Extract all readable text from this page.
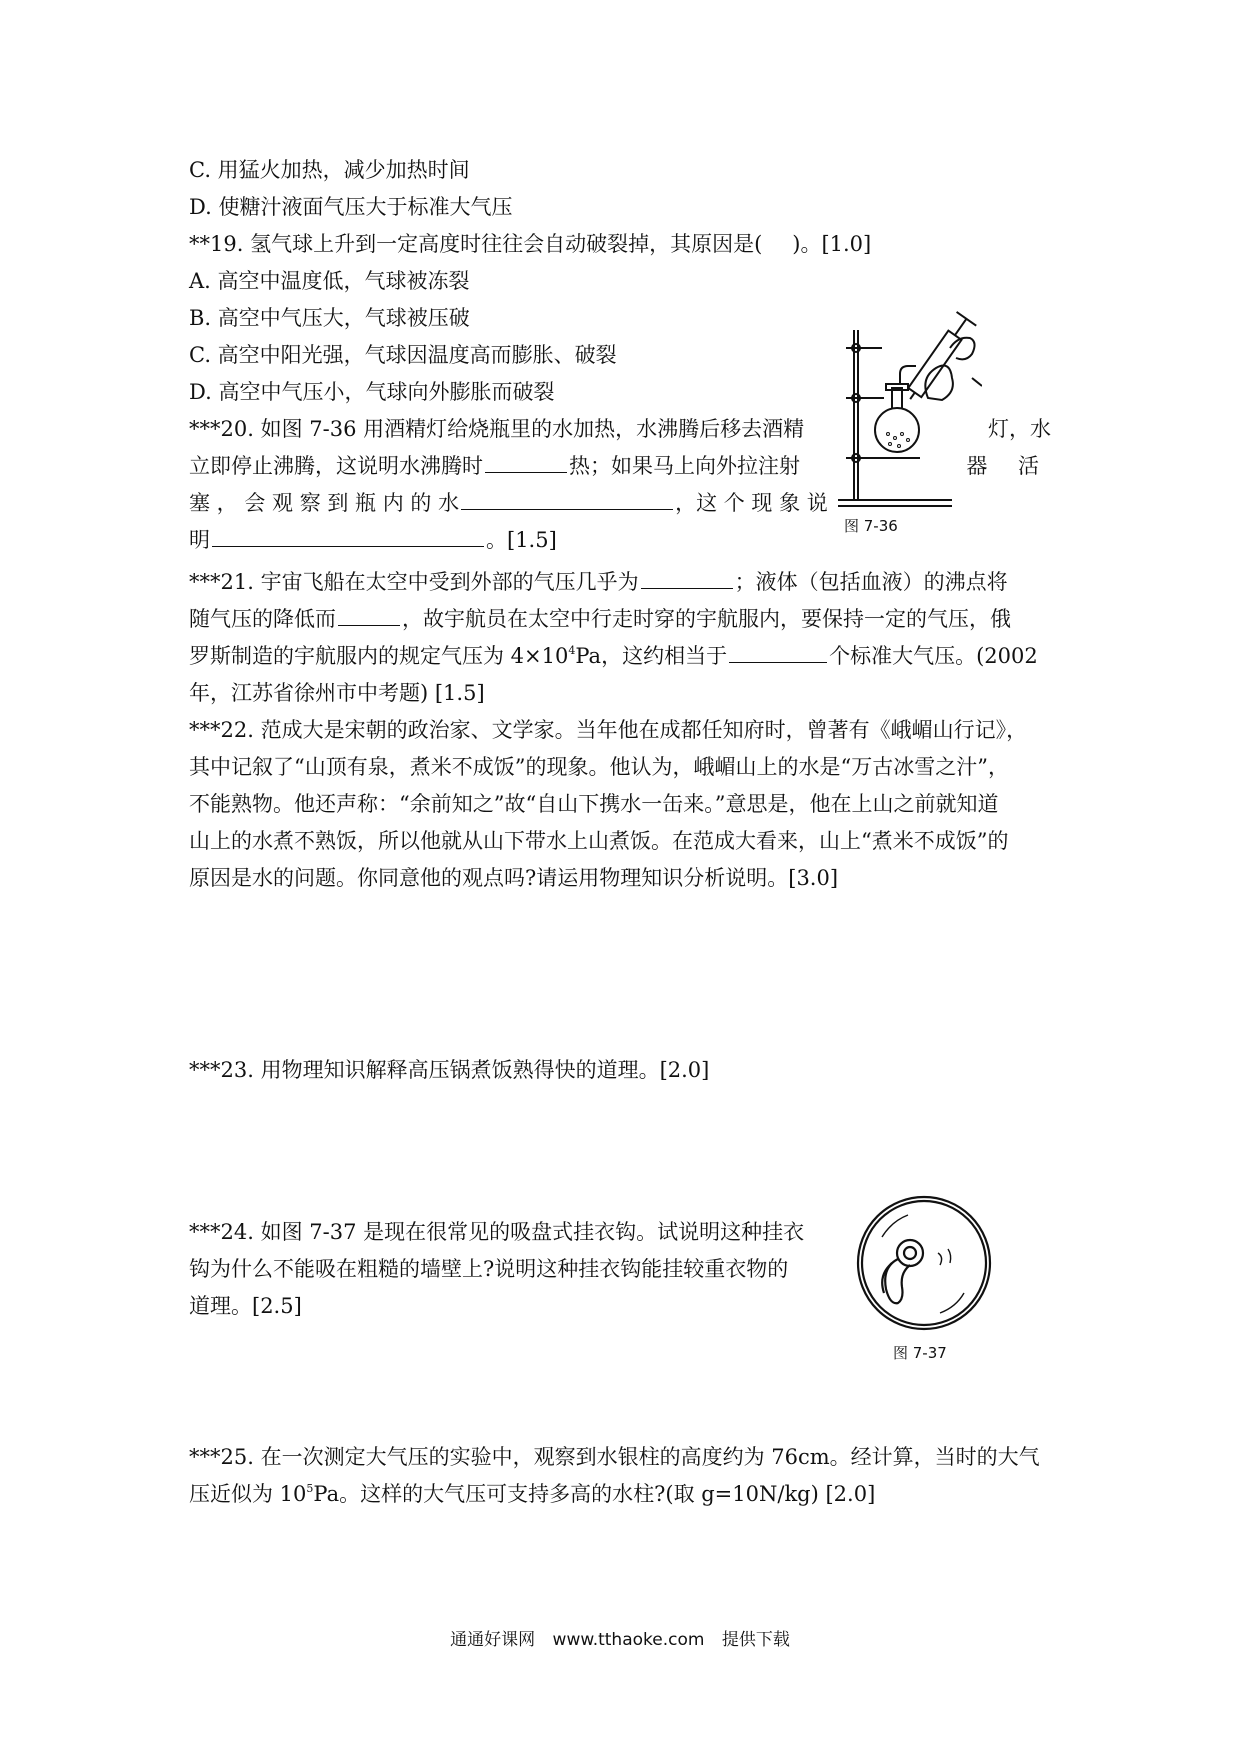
C. 用猛火加热，减少加热时间
D. 使糖汁液面气压大于标准大气压
**19. 氢气球上升到一定高度时往往会自动破裂掉，其原因是( )。[1.0]
A. 高空中温度低，气球被冻裂
B. 高空中气压大，气球被压破
C. 高空中阳光强，气球因温度高而膨胀、破裂
D. 高空中气压小，气球向外膨胀而破裂
***20. 如图 7-36 用酒精灯给烧瓶里的水加热，水沸腾后移去酒精	灯，水
立即停止沸腾，这说明水沸腾时	热；如果马上向外拉注射	器 活
塞 ， 会 观 察 到 瓶 内 的 水	，这 个 现 象 说
明	。[1.5]
图 7-36
***21. 宇宙飞船在太空中受到外部的气压几乎为	；液体（包括血液）的沸点将
随气压的降低而	，故宇航员在太空中行走时穿的宇航服内，要保持一定的气压，俄
罗斯制造的宇航服内的规定气压为 $4\times 10^4Pa$，这约相当于	个标准大气压。(2002
年，江苏省徐州市中考题) [1.5]
***22. 范成大是宋朝的政治家、文学家。当年他在成都任知府时，曾著有《峨嵋山行记》，
其中记叙了“山顶有泉，煮米不成饭”的现象。他认为，峨嵋山上的水是“万古冰雪之汁”，
不能熟物。他还声称：“余前知之”故“自山下携水一缶来。”意思是，他在上山之前就知道
山上的水煮不熟饭，所以他就从山下带水上山煮饭。在范成大看来，山上“煮米不成饭”的
原因是水的问题。你同意他的观点吗?请运用物理知识分析说明。[3.0]
***23. 用物理知识解释高压锅煮饭熟得快的道理。[2.0]
***24. 如图 7-37 是现在很常见的吸盘式挂衣钩。试说明这种挂衣
钩为什么不能吸在粗糙的墙壁上?说明这种挂衣钩能挂较重衣物的
道理。[2.5]
图 7-37
***25. 在一次测定大气压的实验中，观察到水银柱的高度约为 76cm。经计算，当时的大气
压近似为 $10^5Pa$。这样的大气压可支持多高的水柱?(取 g=10N/kg) [2.0]
通通好课网 www.tthaoke.com 提供下载
